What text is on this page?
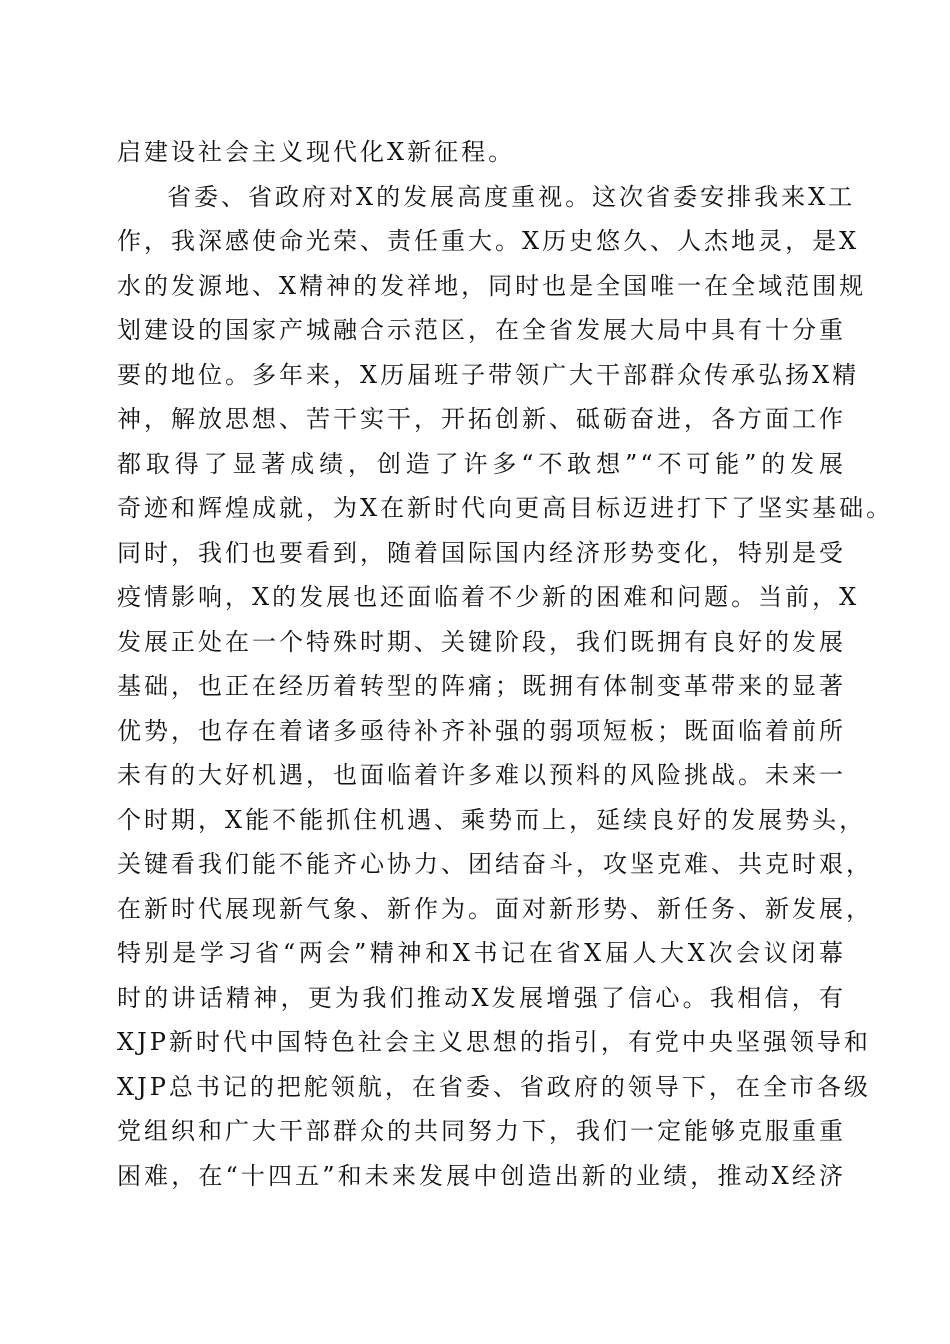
启建设社会主义现代化X新征程。
省委、省政府对X的发展高度重视。这次省委安排我来X工
作，我深感使命光荣、责任重大。X历史悠久、人杰地灵，是X
水的发源地、X精神的发祥地，同时也是全国唯一在全域范围规
划建设的国家产城融合示范区，在全省发展大局中具有十分重
要的地位。多年来，X历届班子带领广大干部群众传承弘扬X精
神，解放思想、苦干实干，开拓创新、砥砺奋进，各方面工作
都取得了显著成绩，创造了许多“不敢想”“不可能”的发展
奇迹和辉煌成就，为X在新时代向更高目标迈进打下了坚实基础。
同时，我们也要看到，随着国际国内经济形势变化，特别是受
疫情影响，X的发展也还面临着不少新的困难和问题。当前，X
发展正处在一个特殊时期、关键阶段，我们既拥有良好的发展
基础，也正在经历着转型的阵痛；既拥有体制变革带来的显著
优势，也存在着诸多亟待补齐补强的弱项短板；既面临着前所
未有的大好机遇，也面临着许多难以预料的风险挑战。未来一
个时期，X能不能抓住机遇、乘势而上，延续良好的发展势头，
关键看我们能不能齐心协力、团结奋斗，攻坚克难、共克时艰，
在新时代展现新气象、新作为。面对新形势、新任务、新发展，
特别是学习省“两会”精神和X书记在省X届人大X次会议闭幕
时的讲话精神，更为我们推动X发展增强了信心。我相信，有
XJP新时代中国特色社会主义思想的指引，有党中央坚强领导和
XJP总书记的把舵领航，在省委、省政府的领导下，在全市各级
党组织和广大干部群众的共同努力下，我们一定能够克服重重
困难，在“十四五”和未来发展中创造出新的业绩，推动X经济
